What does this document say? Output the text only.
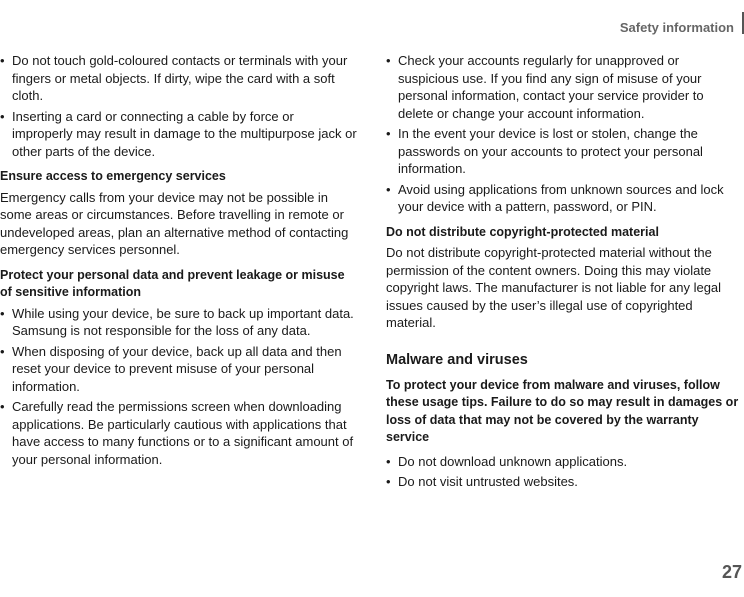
Safety information
• Do not touch gold-coloured contacts or terminals with your fingers or metal objects. If dirty, wipe the card with a soft cloth.
• Inserting a card or connecting a cable by force or improperly may result in damage to the multipurpose jack or other parts of the device.
Ensure access to emergency services

Emergency calls from your device may not be possible in some areas or circumstances. Before travelling in remote or undeveloped areas, plan an alternative method of contacting emergency services personnel.

Protect your personal data and prevent leakage or misuse of sensitive information
• While using your device, be sure to back up important data. Samsung is not responsible for the loss of any data.
• When disposing of your device, back up all data and then reset your device to prevent misuse of your personal information.
• Carefully read the permissions screen when downloading applications. Be particularly cautious with applications that have access to many functions or to a significant amount of your personal information.
• Check your accounts regularly for unapproved or suspicious use. If you find any sign of misuse of your personal information, contact your service provider to delete or change your account information.
• In the event your device is lost or stolen, change the passwords on your accounts to protect your personal information.
• Avoid using applications from unknown sources and lock your device with a pattern, password, or PIN.
Do not distribute copyright-protected material

Do not distribute copyright-protected material without the permission of the content owners. Doing this may violate copyright laws. The manufacturer is not liable for any legal issues caused by the user’s illegal use of copyrighted material.

Malware and viruses
To protect your device from malware and viruses, follow these usage tips. Failure to do so may result in damages or loss of data that may not be covered by the warranty service
• Do not download unknown applications.
• Do not visit untrusted websites.
27
